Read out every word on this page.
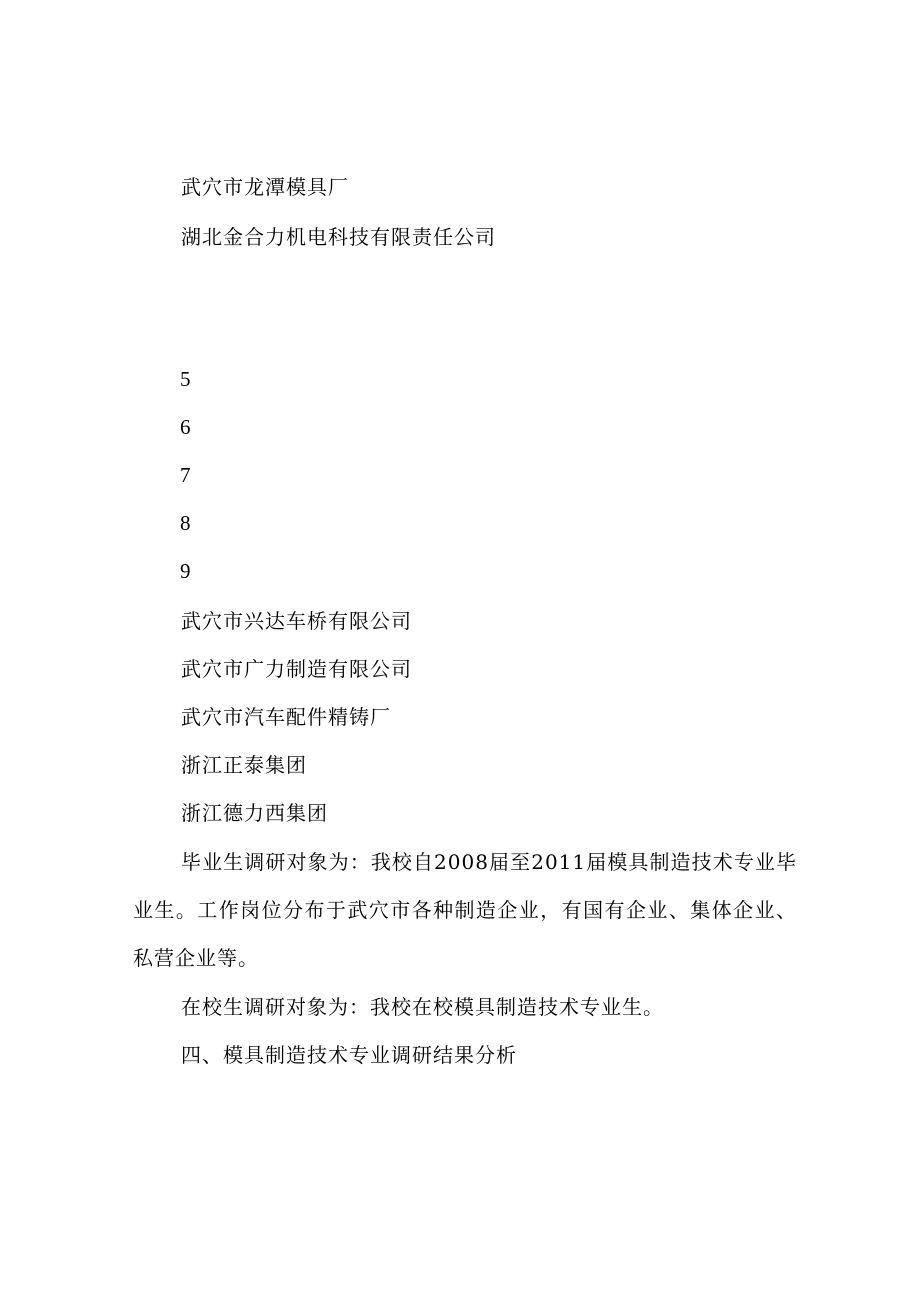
武穴市龙潭模具厂
湖北金合力机电科技有限责任公司
5
6
7
8
9
武穴市兴达车桥有限公司
武穴市广力制造有限公司
武穴市汽车配件精铸厂
浙江正泰集团
浙江德力西集团
毕业生调研对象为：我校自2008届至2011届模具制造技术专业毕业生。工作岗位分布于武穴市各种制造企业，有国有企业、集体企业、私营企业等。
在校生调研对象为：我校在校模具制造技术专业生。
四、模具制造技术专业调研结果分析
